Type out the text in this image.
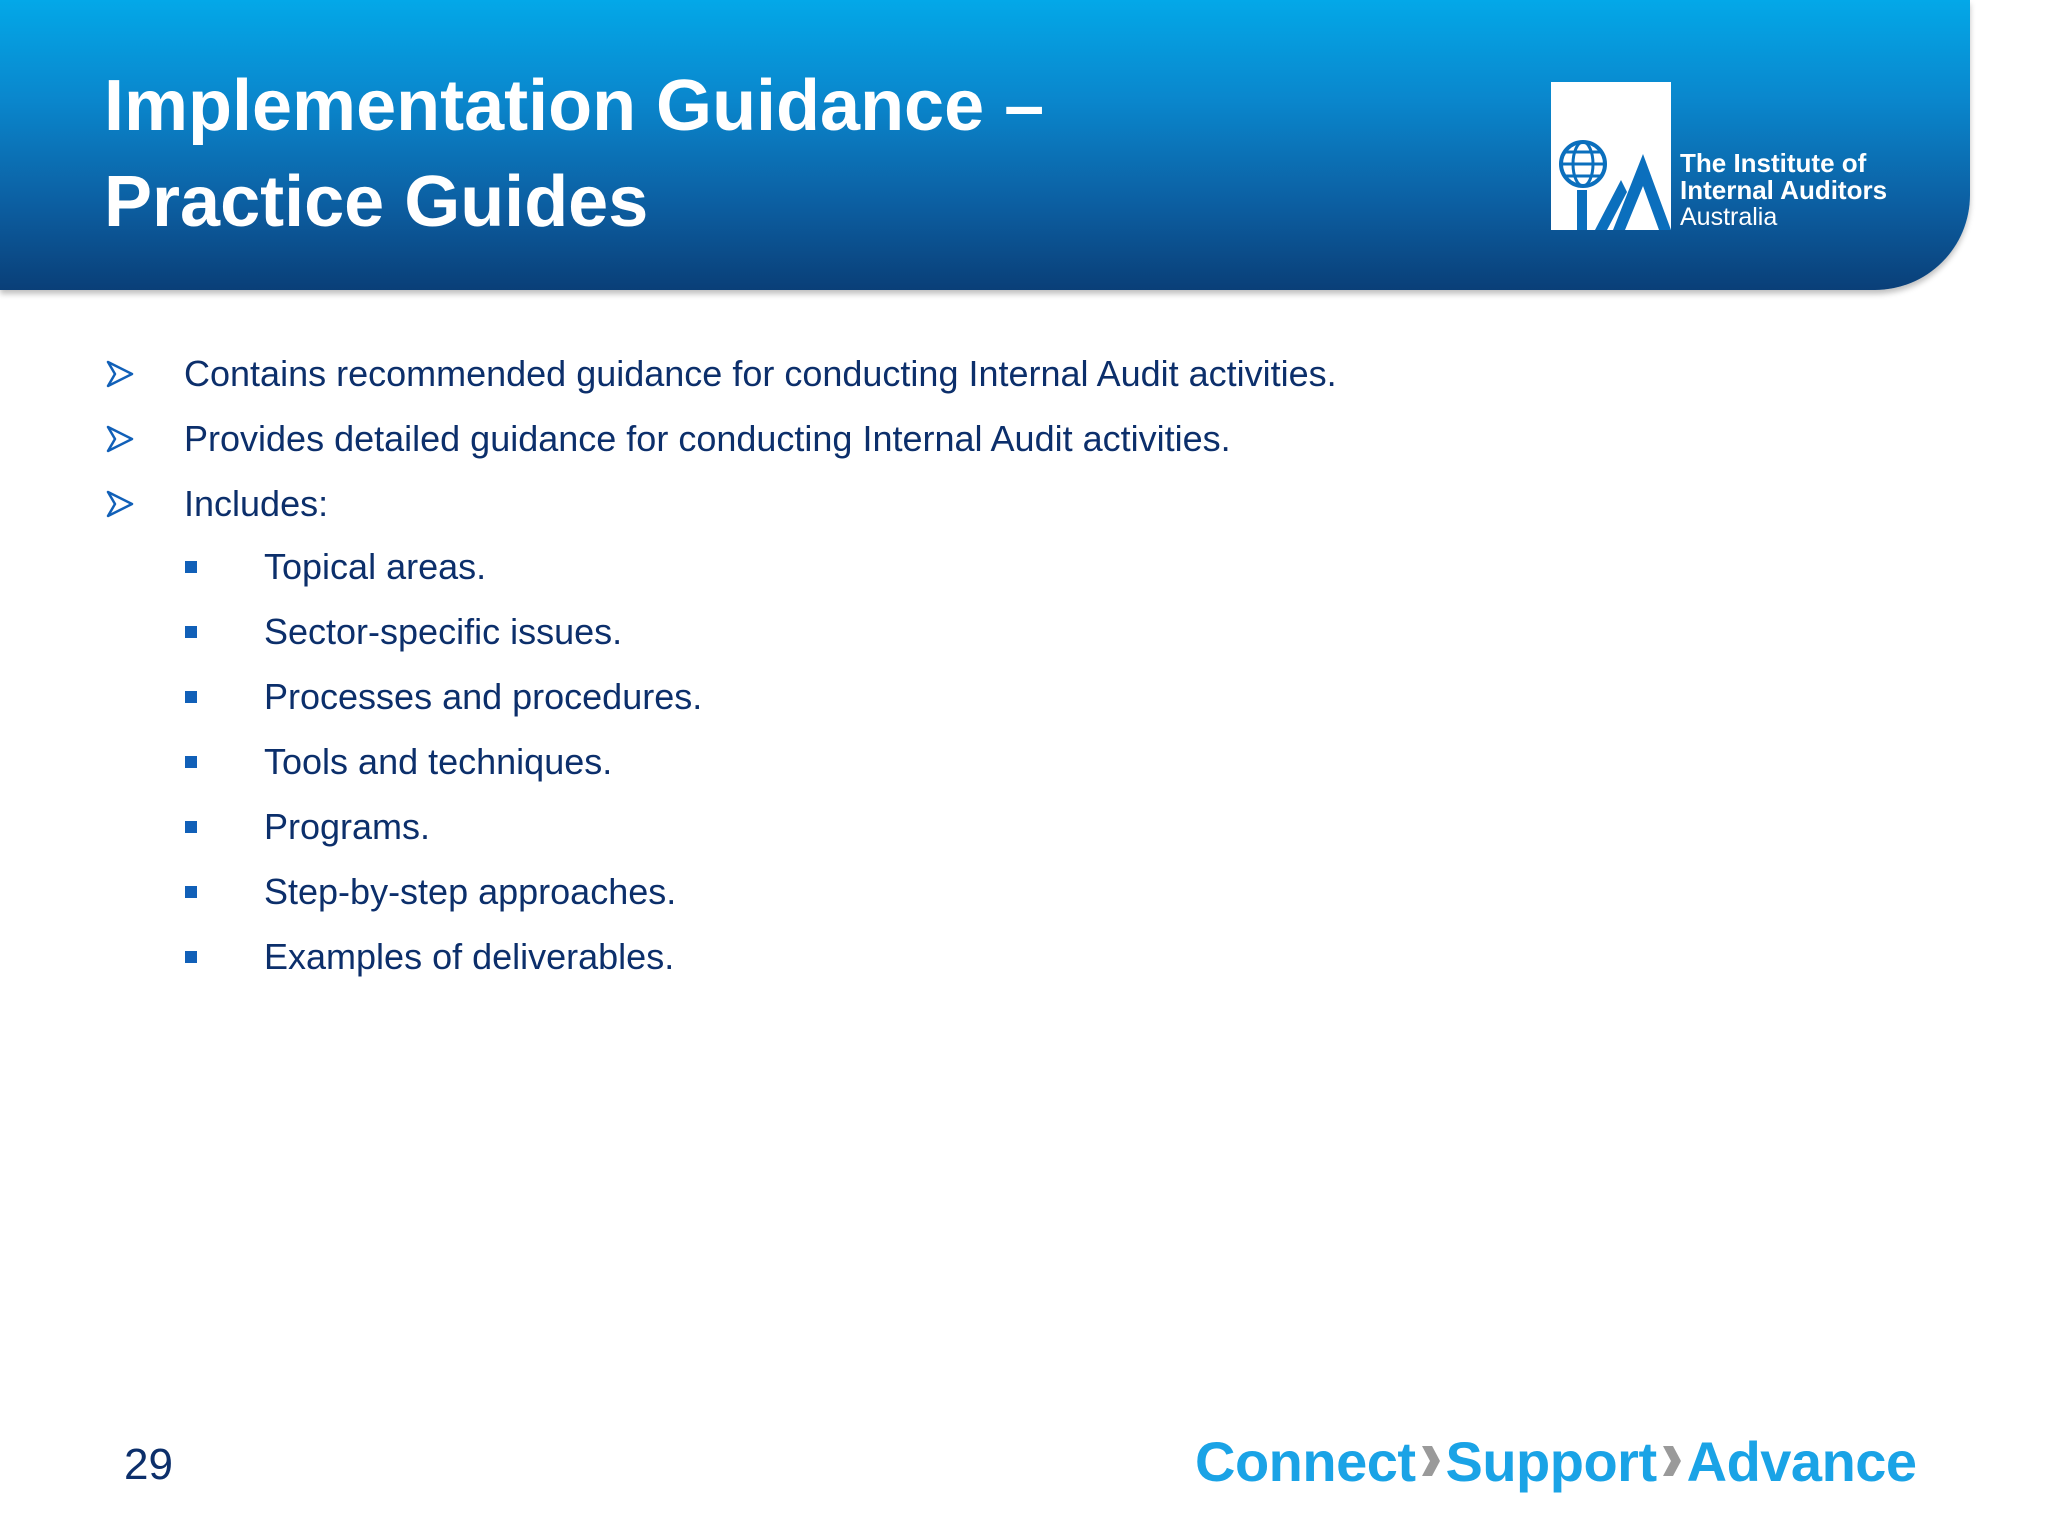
Implementation Guidance –
Practice Guides	The Institute of
Internal Auditors
Australia
Contains recommended guidance for conducting Internal Audit activities.
Provides detailed guidance for conducting Internal Audit activities.
Includes:
Topical areas.
Sector-specific issues.
Processes and procedures.
Tools and techniques.
Programs.
Step-by-step approaches.
Examples of deliverables.
29	Connect Support Advance
